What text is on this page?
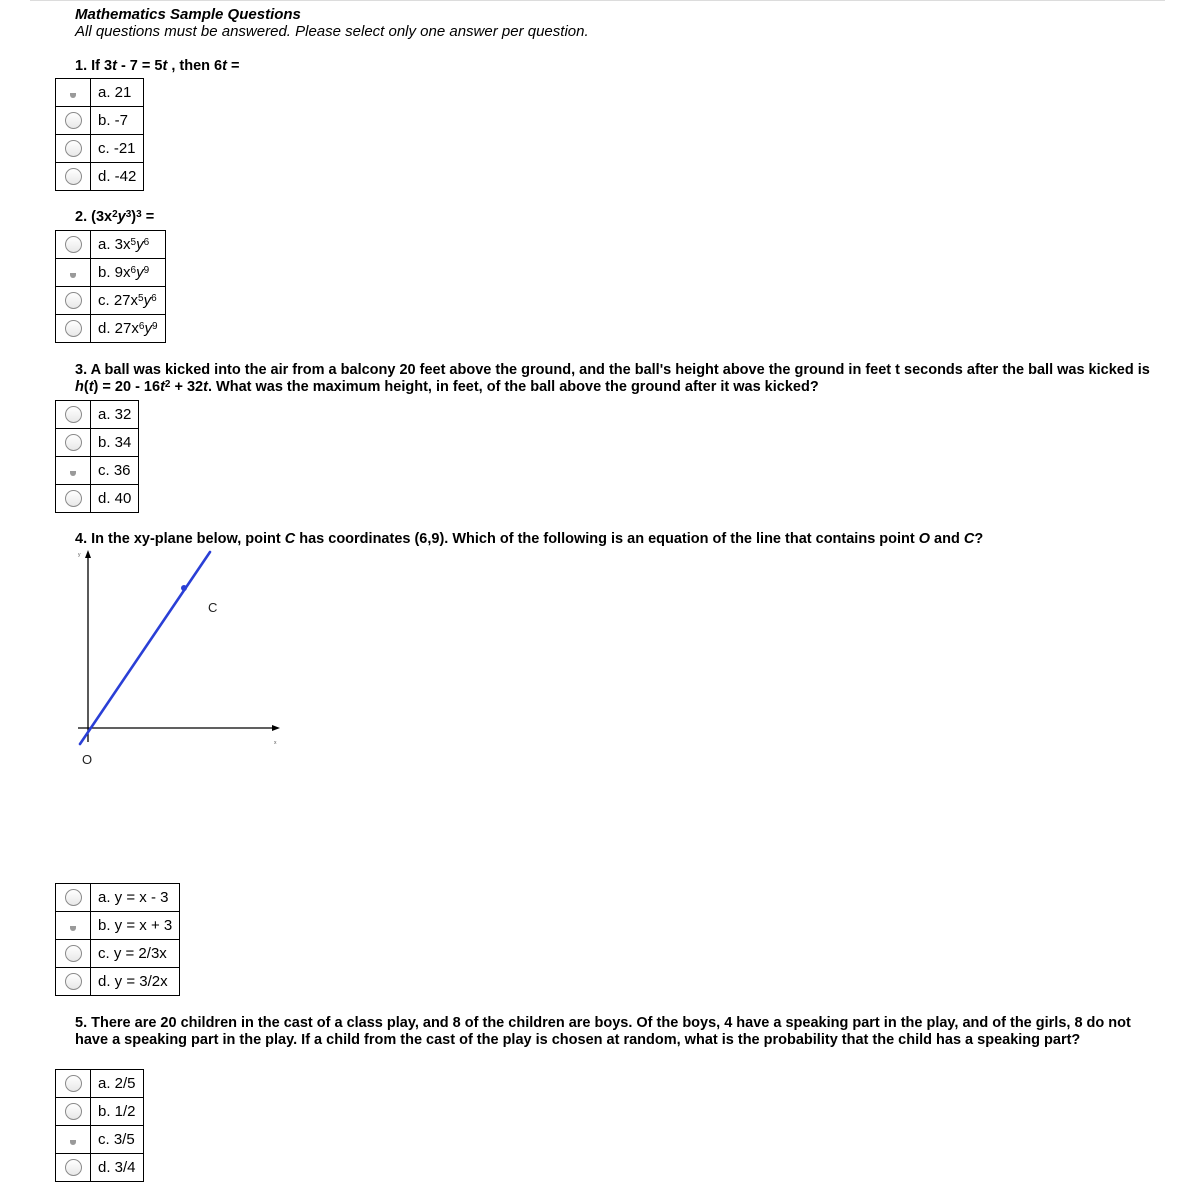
Mathematics Sample Questions
All questions must be answered. Please select only one answer per question.
1. If 3t - 7 = 5t , then 6t =
	a. 21
	b. -7
	c. -21
	d. -42
2. $(3x^2y^3)^3$ =
	a. $3x^5y^6$
	b. $9x^6y^9$
	c. $27x^5y^6$
	d. $27x^6y^9$
3. A ball was kicked into the air from a balcony 20 feet above the ground, and the ball's height above the ground in feet t seconds after the ball was kicked is $h(t) = 20 - 16t^2 + 32t$. What was the maximum height, in feet, of the ball above the ground after it was kicked?
	a. 32
	b. 34
	c. 36
	d. 40
4. In the xy-plane below, point C has coordinates (6,9). Which of the following is an equation of the line that contains point O and C?
y
x
C
O
	a. y = x - 3
	b. y = x + 3
	c. y = 2/3x
	d. y = 3/2x
5. There are 20 children in the cast of a class play, and 8 of the children are boys. Of the boys, 4 have a speaking part in the play, and of the girls, 8 do not have a speaking part in the play. If a child from the cast of the play is chosen at random, what is the probability that the child has a speaking part?
	a. 2/5
	b. 1/2
	c. 3/5
	d. 3/4
